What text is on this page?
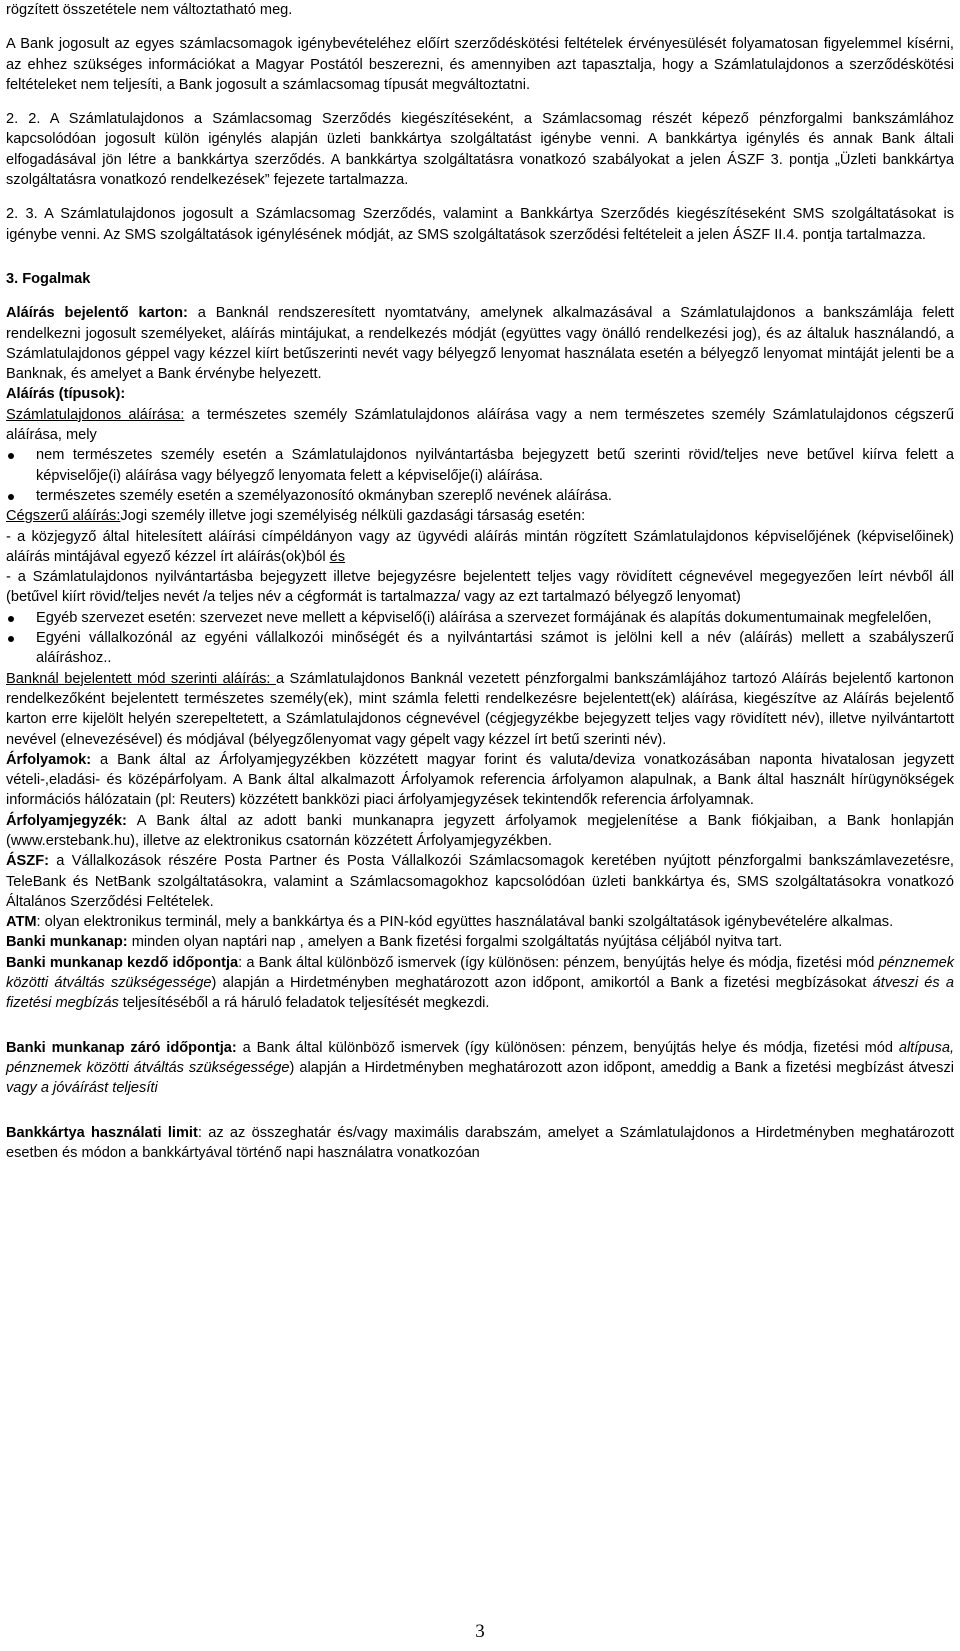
rögzített összetétele nem változtatható meg.

A Bank jogosult az egyes számlacsomagok igénybevételéhez előírt szerződéskötési feltételek érvényesülését folyamatosan figyelemmel kísérni, az ehhez szükséges információkat a Magyar Postától beszerezni, és amennyiben azt tapasztalja, hogy a Számlatulajdonos a szerződéskötési feltételeket nem teljesíti, a Bank jogosult a számlacsomag típusát megváltoztatni.

2. 2. A Számlatulajdonos a Számlacsomag Szerződés kiegészítéseként, a Számlacsomag részét képező pénzforgalmi bankszámlához kapcsolódóan jogosult külön igénylés alapján üzleti bankkártya szolgáltatást igénybe venni. A bankkártya igénylés és annak Bank általi elfogadásával jön létre a bankkártya szerződés. A bankkártya szolgáltatásra vonatkozó szabályokat a jelen ÁSZF 3. pontja „Üzleti bankkártya szolgáltatásra vonatkozó rendelkezések” fejezete tartalmazza.

2. 3. A Számlatulajdonos jogosult a Számlacsomag Szerződés, valamint a Bankkártya Szerződés kiegészítéseként SMS szolgáltatásokat is igénybe venni. Az SMS szolgáltatások igénylésének módját, az SMS szolgáltatások szerződési feltételeit a jelen ÁSZF II.4. pontja tartalmazza.

3. Fogalmak

Aláírás bejelentő karton: a Banknál rendszeresített nyomtatvány, amelynek alkalmazásával a Számlatulajdonos a bankszámlája felett rendelkezni jogosult személyeket, aláírás mintájukat, a rendelkezés módját (együttes vagy önálló rendelkezési jog), és az általuk használandó, a Számlatulajdonos géppel vagy kézzel kiírt betűszerinti nevét vagy bélyegző lenyomat használata esetén a bélyegző lenyomat mintáját jelenti be a Banknak, és amelyet a Bank érvénybe helyezett.

Aláírás (típusok):

Számlatulajdonos aláírása: a természetes személy Számlatulajdonos aláírása vagy a nem természetes személy Számlatulajdonos cégszerű aláírása, mely

nem természetes személy esetén a Számlatulajdonos nyilvántartásba bejegyzett betű szerinti rövid/teljes neve betűvel kiírva felett a képviselője(i) aláírása vagy bélyegző lenyomata felett a képviselője(i) aláírása.

természetes személy esetén a személyazonosító okmányban szereplő nevének aláírása.

Cégszerű aláírás:Jogi személy illetve jogi személyiség nélküli gazdasági társaság esetén:

- a közjegyző által hitelesített aláírási címpéldányon vagy az ügyvédi aláírás mintán rögzített Számlatulajdonos képviselőjének (képviselőinek) aláírás mintájával egyező kézzel írt aláírás(ok)ból és

- a Számlatulajdonos nyilvántartásba bejegyzett illetve bejegyzésre bejelentett teljes vagy rövidített cégnevével megegyezően leírt névből áll (betűvel kiírt rövid/teljes nevét /a teljes név a cégformát is tartalmazza/ vagy az ezt tartalmazó bélyegző lenyomat)

Egyéb szervezet esetén: szervezet neve mellett a képviselő(i) aláírása a szervezet formájának és alapítás dokumentumainak megfelelően,

Egyéni vállalkozónál az egyéni vállalkozói minőségét és a nyilvántartási számot is jelölni kell a név (aláírás) mellett a szabályszerű aláíráshoz..

Banknál bejelentett mód szerinti aláírás: a Számlatulajdonos Banknál vezetett pénzforgalmi bankszámlájához tartozó Aláírás bejelentő kartonon rendelkezőként bejelentett természetes személy(ek), mint számla feletti rendelkezésre bejelentett(ek) aláírása, kiegészítve az Aláírás bejelentő karton erre kijelölt helyén szerepeltetett, a Számlatulajdonos cégnevével (cégjegyzékbe bejegyzett teljes vagy rövidített név), illetve nyilvántartott nevével (elnevezésével) és módjával (bélyegzőlenyomat vagy gépelt vagy kézzel írt betű szerinti név).

Árfolyamok: a Bank által az Árfolyamjegyzékben közzétett magyar forint és valuta/deviza vonatkozásában naponta hivatalosan jegyzett vételi-,eladási- és középárfolyam. A Bank által alkalmazott Árfolyamok referencia árfolyamon alapulnak, a Bank által használt hírügynökségek információs hálózatain (pl: Reuters) közzétett bankközi piaci árfolyamjegyzések tekintendők referencia árfolyamnak.

Árfolyamjegyzék: A Bank által az adott banki munkanapra jegyzett árfolyamok megjelenítése a Bank fiókjaiban, a Bank honlapján (www.erstebank.hu), illetve az elektronikus csatornán közzétett Árfolyamjegyzékben.

ÁSZF: a Vállalkozások részére Posta Partner és Posta Vállalkozói Számlacsomagok keretében nyújtott pénzforgalmi bankszámlavezetésre, TeleBank és NetBank szolgáltatásokra, valamint a Számlacsomagokhoz kapcsolódóan üzleti bankkártya és, SMS szolgáltatásokra vonatkozó Általános Szerződési Feltételek.

ATM: olyan elektronikus terminál, mely a bankkártya és a PIN-kód együttes használatával banki szolgáltatások igénybevételére alkalmas.

Banki munkanap: minden olyan naptári nap , amelyen a Bank fizetési forgalmi szolgáltatás nyújtása céljából nyitva tart.

Banki munkanap kezdő időpontja: a Bank által különböző ismervek (így különösen: pénzem, benyújtás helye és módja, fizetési mód pénznemek közötti átváltás szükségessége) alapján a Hirdetményben meghatározott azon időpont, amikortól a Bank a fizetési megbízásokat átveszi és a fizetési megbízás teljesítéséből a rá háruló feladatok teljesítését megkezdi.

Banki munkanap záró időpontja: a Bank által különböző ismervek (így különösen: pénzem, benyújtás helye és módja, fizetési mód altípusa, pénznemek közötti átváltás szükségessége) alapján a Hirdetményben meghatározott azon időpont, ameddig a Bank a fizetési megbízást átveszi vagy a jóváírást teljesíti

Bankkártya használati limit: az az összeghatár és/vagy maximális darabszám, amelyet a Számlatulajdonos a Hirdetményben meghatározott esetben és módon a bankkártyával történő napi használatra vonatkozóan

3
